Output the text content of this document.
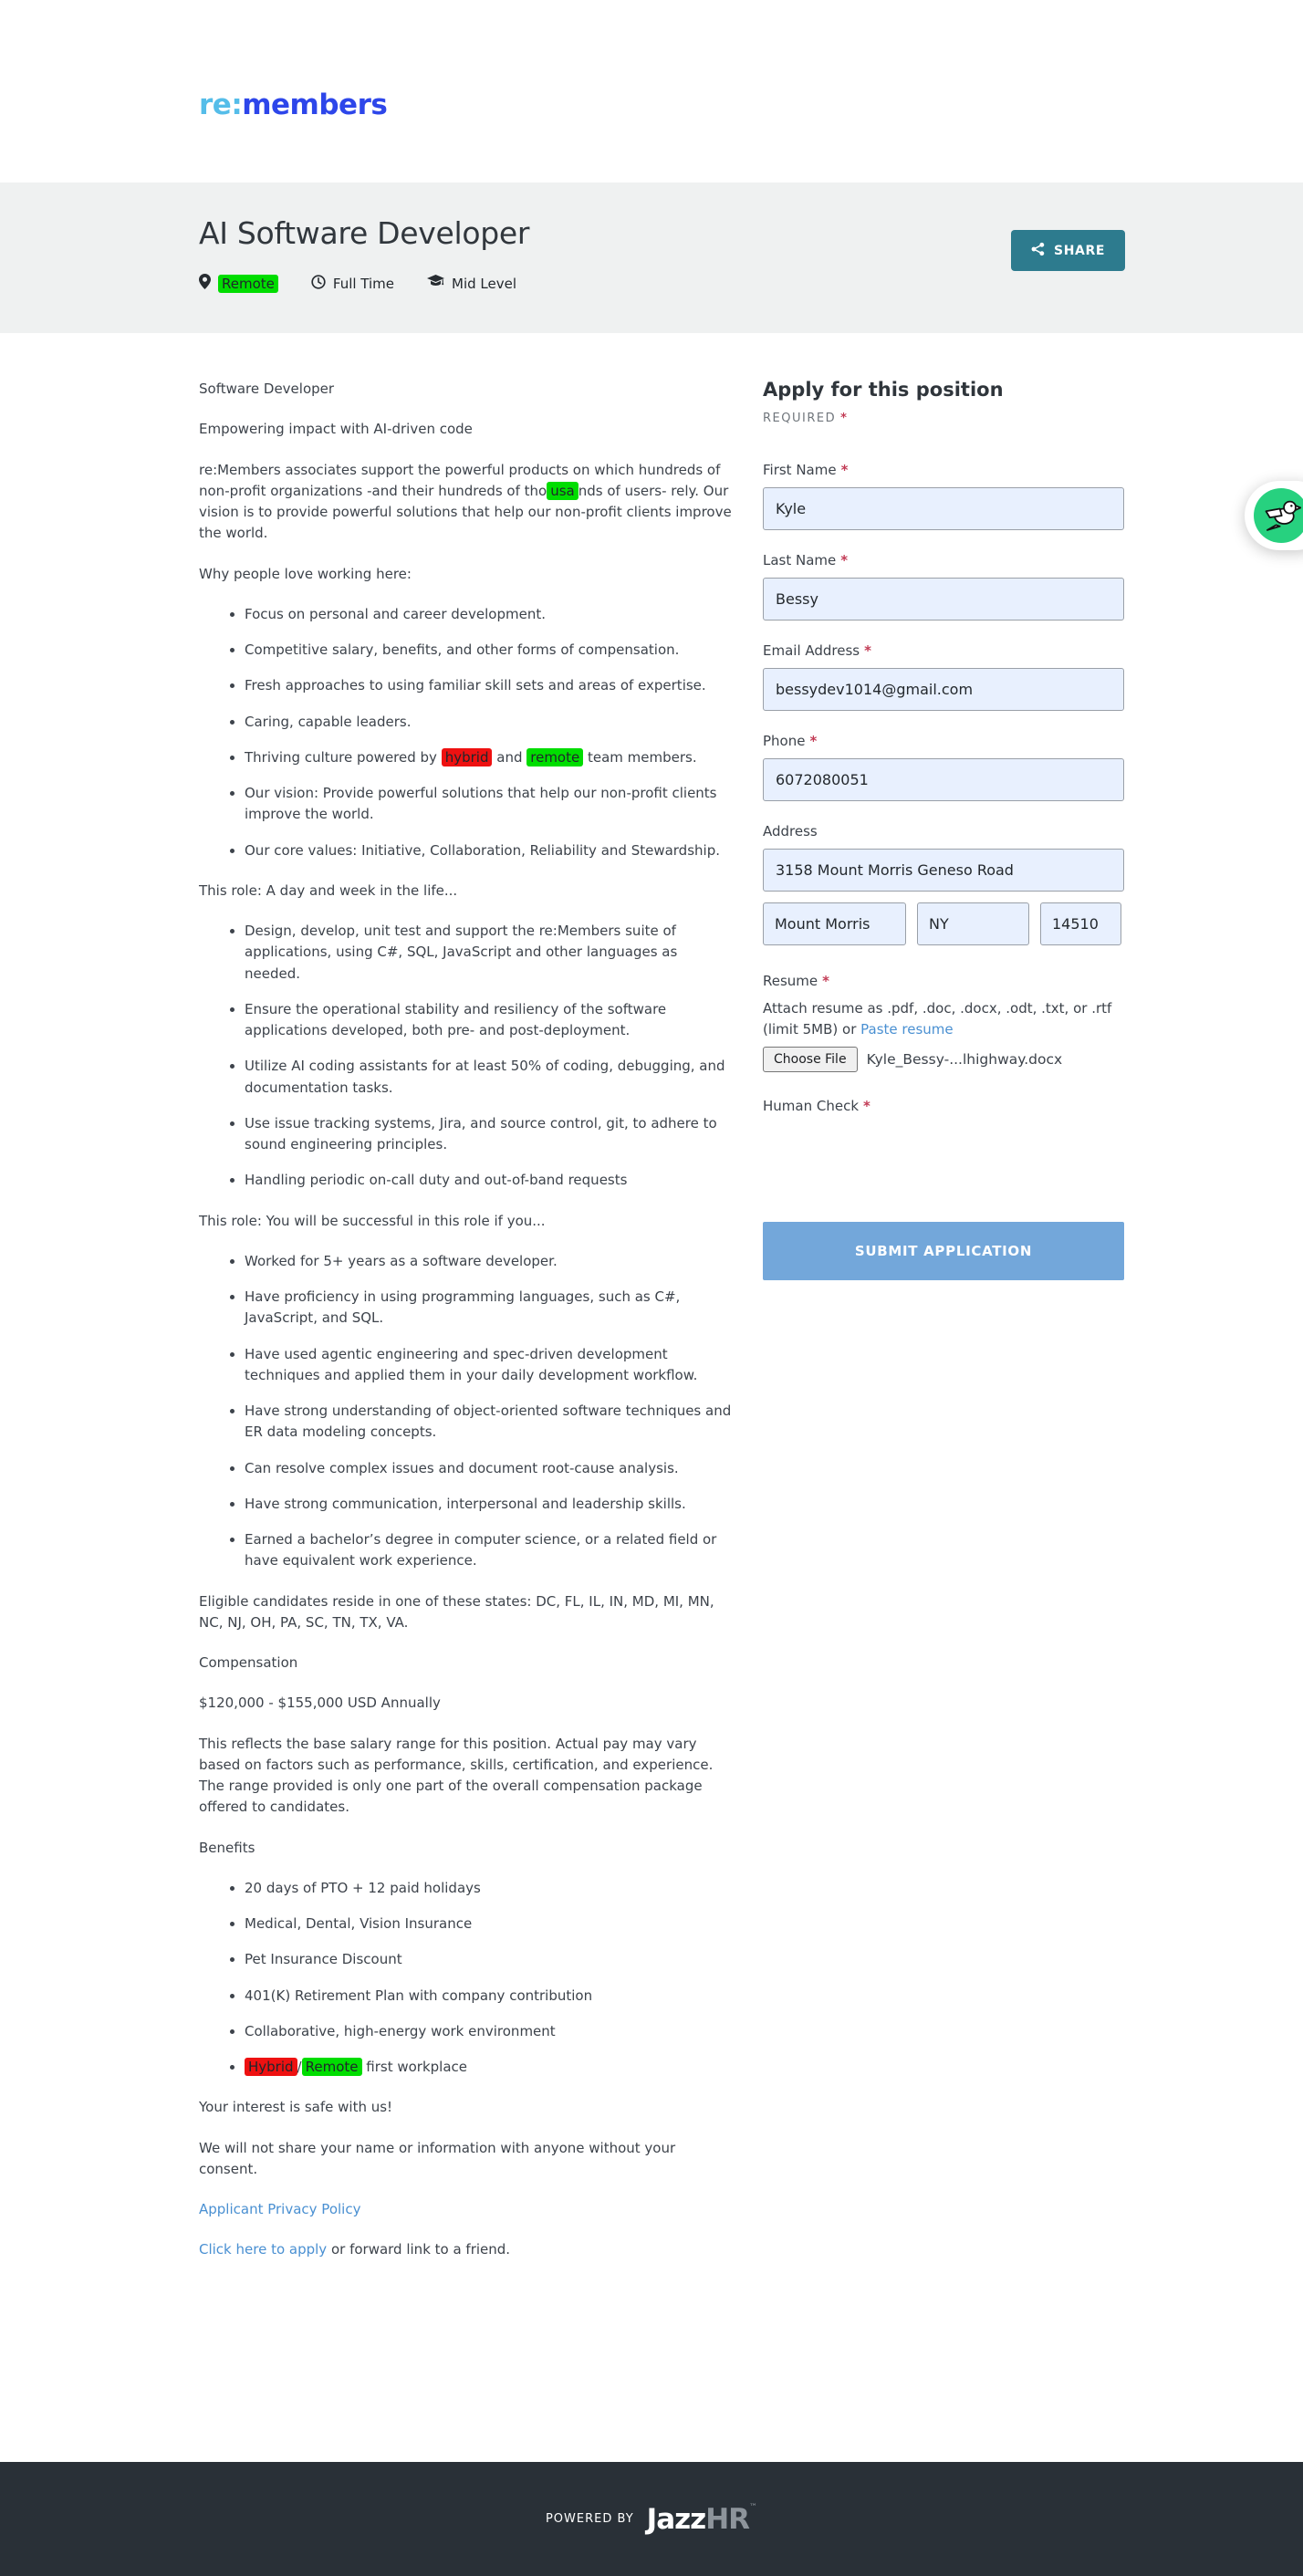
re:members
AI Software Developer
Remote	Full Time	Mid Level
SHARE

Software Developer

Empowering impact with AI-driven code

re:Members associates support the powerful products on which hundreds of non-profit organizations -and their hundreds of tho usa nds of users- rely. Our vision is to provide powerful solutions that help our non-profit clients improve the world.

Why people love working here:

• Focus on personal and career development.
• Competitive salary, benefits, and other forms of compensation.
• Fresh approaches to using familiar skill sets and areas of expertise.
• Caring, capable leaders.
• Thriving culture powered by hybrid and remote team members.
• Our vision: Provide powerful solutions that help our non-profit clients improve the world.
• Our core values: Initiative, Collaboration, Reliability and Stewardship.

This role: A day and week in the life...

• Design, develop, unit test and support the re:Members suite of applications, using C#, SQL, JavaScript and other languages as needed.
• Ensure the operational stability and resiliency of the software applications developed, both pre- and post-deployment.
• Utilize AI coding assistants for at least 50% of coding, debugging, and documentation tasks.
• Use issue tracking systems, Jira, and source control, git, to adhere to sound engineering principles.
• Handling periodic on-call duty and out-of-band requests

This role: You will be successful in this role if you...

• Worked for 5+ years as a software developer.
• Have proficiency in using programming languages, such as C#, JavaScript, and SQL.
• Have used agentic engineering and spec-driven development techniques and applied them in your daily development workflow.
• Have strong understanding of object-oriented software techniques and ER data modeling concepts.
• Can resolve complex issues and document root-cause analysis.
• Have strong communication, interpersonal and leadership skills.
• Earned a bachelor’s degree in computer science, or a related field or have equivalent work experience.

Eligible candidates reside in one of these states: DC, FL, IL, IN, MD, MI, MN, NC, NJ, OH, PA, SC, TN, TX, VA.

Compensation

$120,000 - $155,000 USD Annually

This reflects the base salary range for this position. Actual pay may vary based on factors such as performance, skills, certification, and experience. The range provided is only one part of the overall compensation package offered to candidates.

Benefits

• 20 days of PTO + 12 paid holidays
• Medical, Dental, Vision Insurance
• Pet Insurance Discount
• 401(K) Retirement Plan with company contribution
• Collaborative, high-energy work environment
• Hybrid / Remote first workplace

Your interest is safe with us!

We will not share your name or information with anyone without your consent.

Applicant Privacy Policy

Click here to apply or forward link to a friend.

Apply for this position

REQUIRED *

First Name *
Kyle
Last Name *
Bessy
Email Address *
bessydev1014@gmail.com
Phone *
6072080051
Address
3158 Mount Morris Geneso Road
Mount Morris
NY
14510
Resume *

Attach resume as .pdf, .doc, .docx, .odt, .txt, or .rtf (limit 5MB) or Paste resume

Choose File	Kyle_Bessy-...lhighway.docx
Human Check *
SUBMIT APPLICATION
POWERED BY JazzHR™
